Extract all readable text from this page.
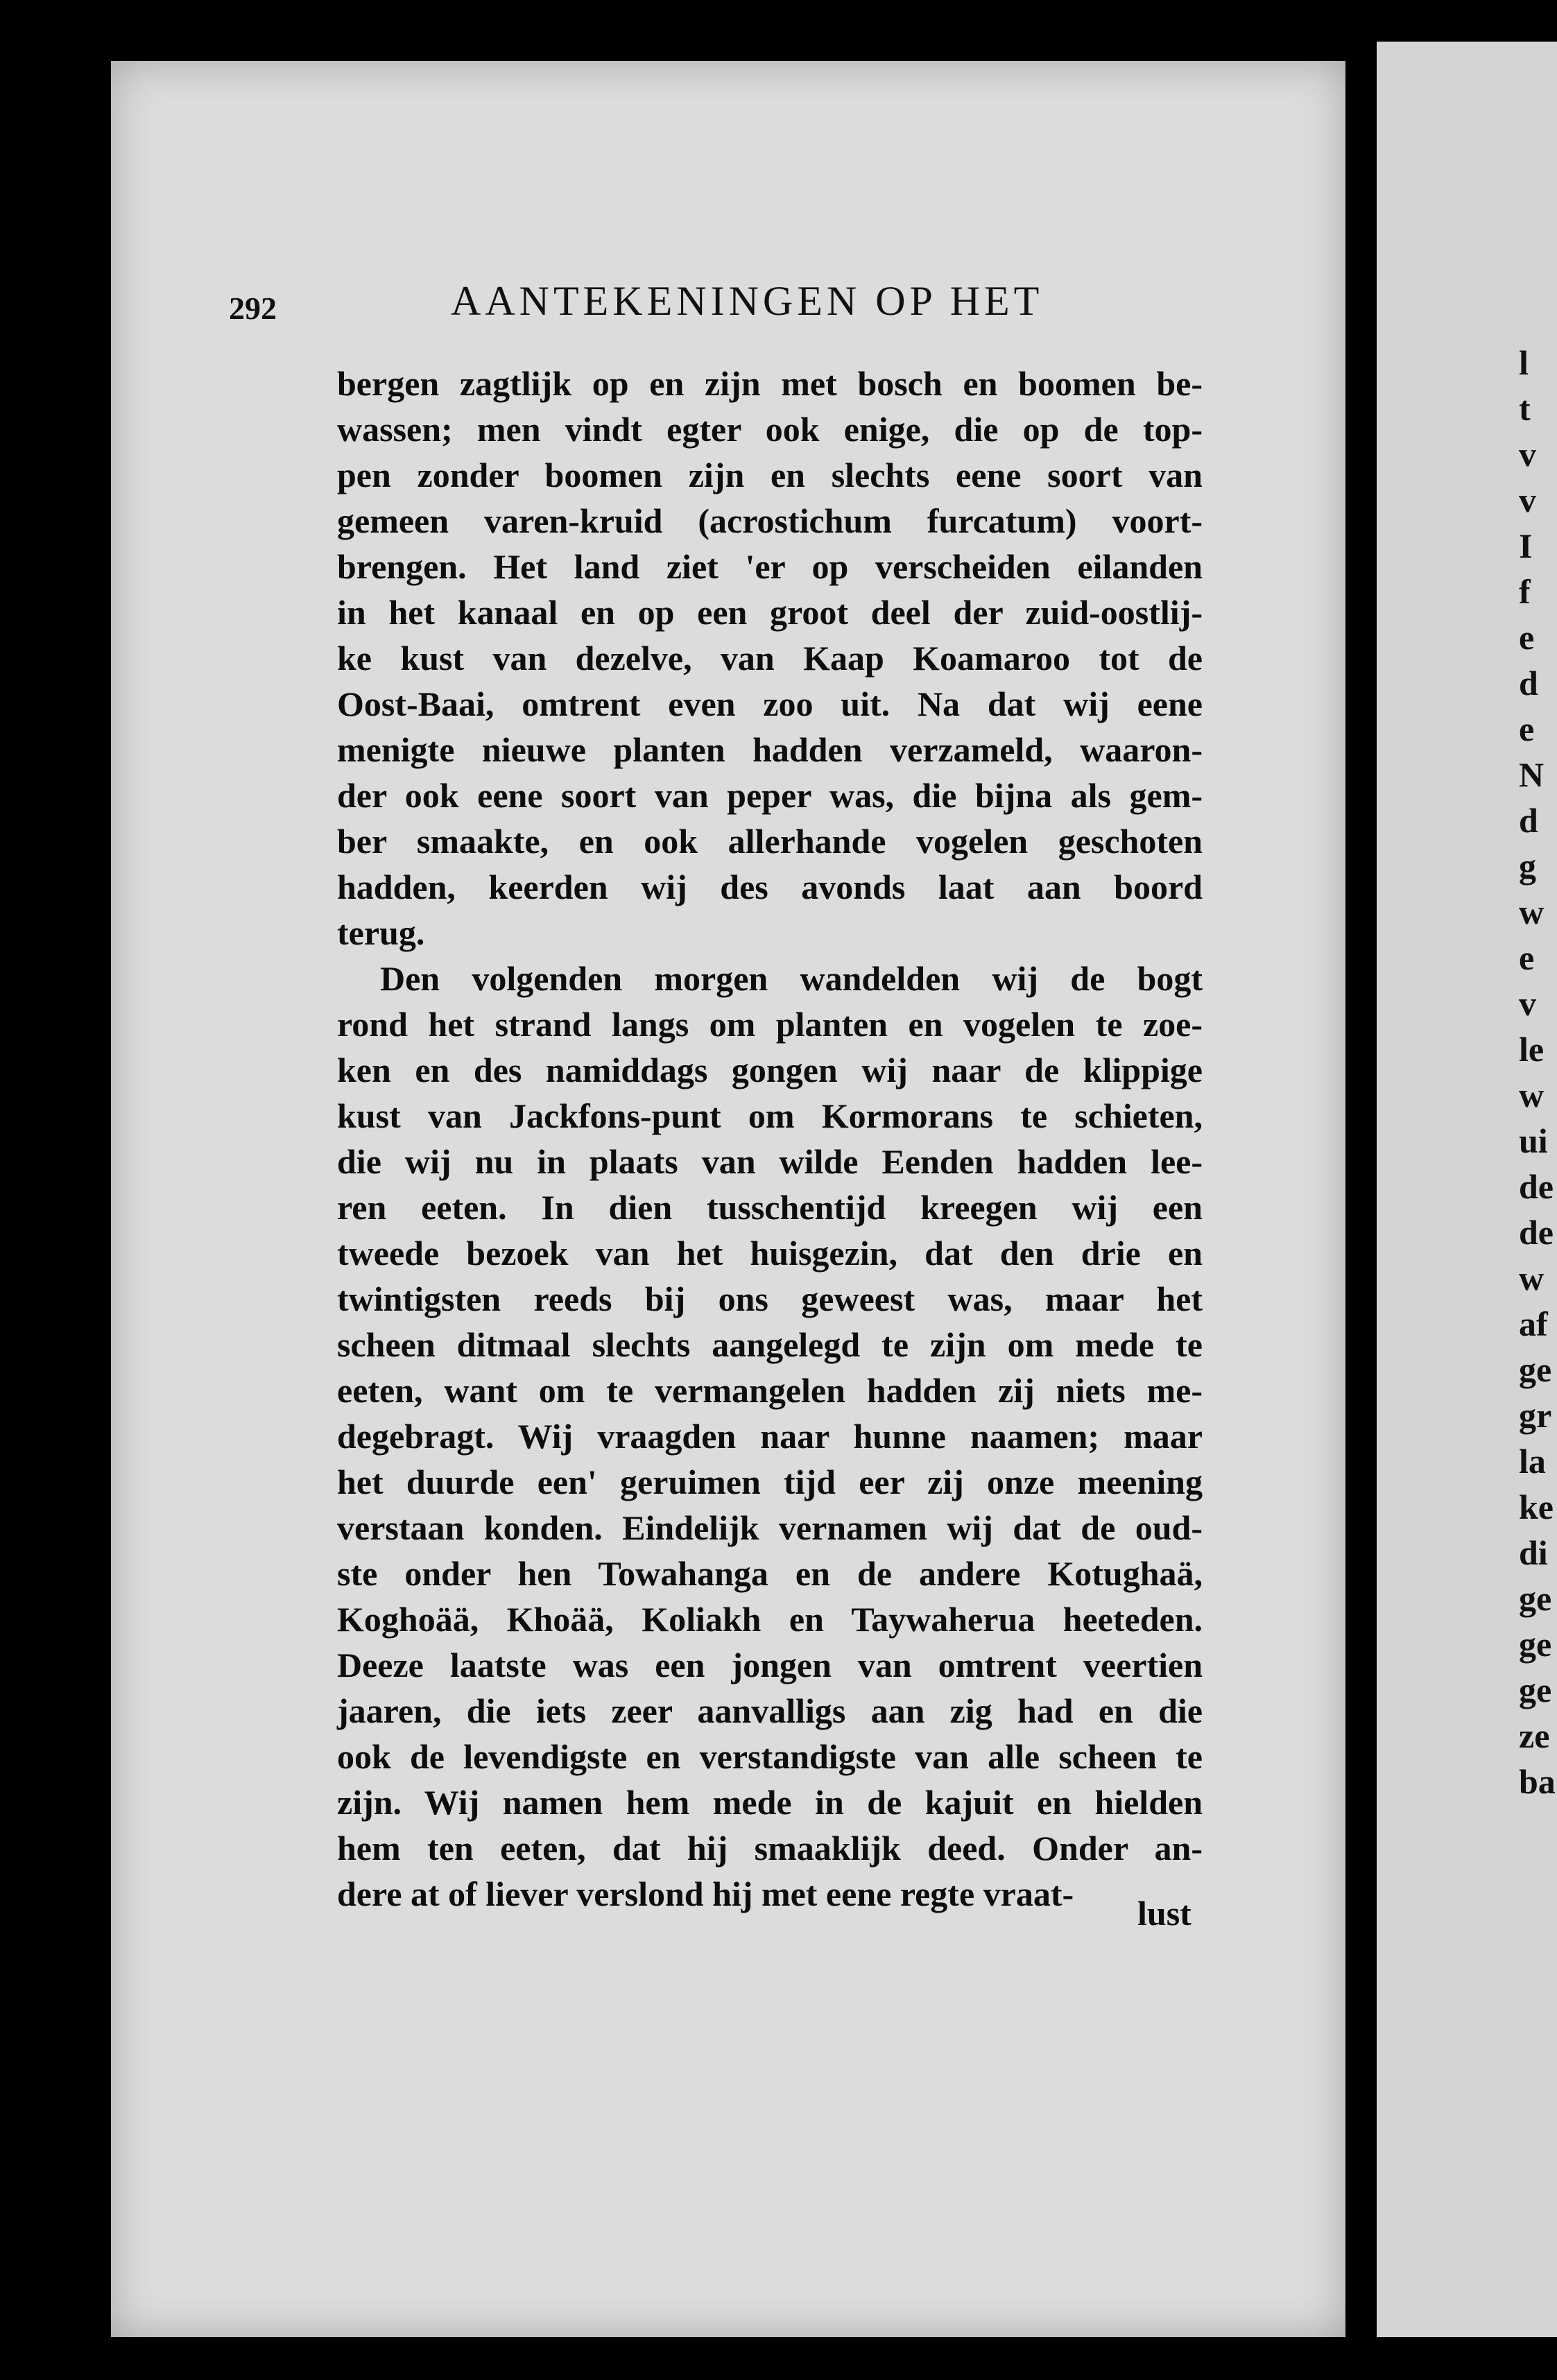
292	AANTEKENINGEN OP HET
bergen zagtlijk op en zijn met bosch en boomen be-
wassen; men vindt egter ook enige, die op de top-
pen zonder boomen zijn en slechts eene soort van
gemeen varen-kruid (acrostichum furcatum) voort-
brengen. Het land ziet 'er op verscheiden eilanden
in het kanaal en op een groot deel der zuid-oostlij-
ke kust van dezelve, van Kaap Koamaroo tot de
Oost-Baai, omtrent even zoo uit. Na dat wij eene
menigte nieuwe planten hadden verzameld, waaron-
der ook eene soort van peper was, die bijna als gem-
ber smaakte, en ook allerhande vogelen geschoten
hadden, keerden wij des avonds laat aan boord
terug.
Den volgenden morgen wandelden wij de bogt
rond het strand langs om planten en vogelen te zoe-
ken en des namiddags gongen wij naar de klippige
kust van Jackfons-punt om Kormorans te schieten,
die wij nu in plaats van wilde Eenden hadden lee-
ren eeten. In dien tusschentijd kreegen wij een
tweede bezoek van het huisgezin, dat den drie en
twintigsten reeds bij ons geweest was, maar het
scheen ditmaal slechts aangelegd te zijn om mede te
eeten, want om te vermangelen hadden zij niets me-
degebragt. Wij vraagden naar hunne naamen; maar
het duurde een' geruimen tijd eer zij onze meening
verstaan konden. Eindelijk vernamen wij dat de oud-
ste onder hen Towahanga en de andere Kotughaä,
Koghoää, Khoää, Koliakh en Taywaherua heeteden.
Deeze laatste was een jongen van omtrent veertien
jaaren, die iets zeer aanvalligs aan zig had en die
ook de levendigste en verstandigste van alle scheen te
zijn. Wij namen hem mede in de kajuit en hielden
hem ten eeten, dat hij smaaklijk deed. Onder an-
dere at of liever verslond hij met eene regte vraat-	lust
l
t
v
v
I
f
e
d
e
N
d
g
w
e
v
le
w
ui
de
de
w
af
ge
gr
la
ke
di
ge
ge
ge
ze
ba
